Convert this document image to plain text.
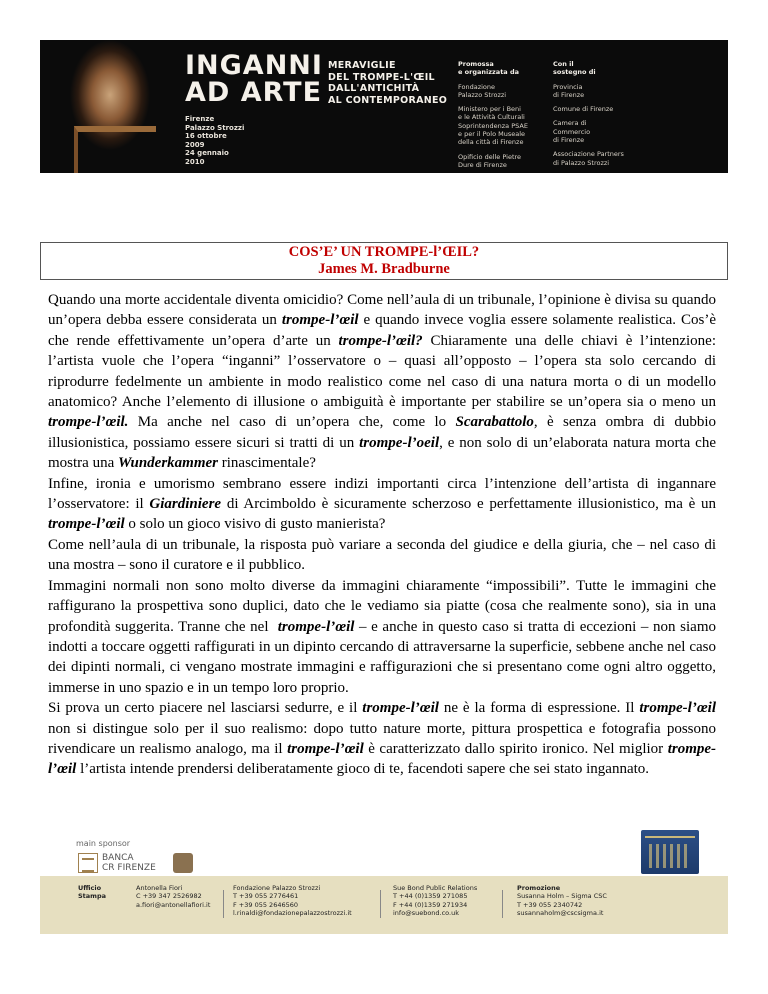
INGANNI
AD ARTE
Firenze
Palazzo Strozzi
16 ottobre
2009
24 gennaio
2010
MERAVIGLIE
DEL TROMPE-L'ŒIL
DALL'ANTICHITÀ
AL CONTEMPORANEO
Promossa
e organizzata da
Fondazione
Palazzo Strozzi
Ministero per i Beni
e le Attività Culturali
Soprintendenza PSAE
e per il Polo Museale
della città di Firenze
Opificio delle Pietre
Dure di Firenze
Con il
sostegno di
Provincia
di Firenze
Comune di Firenze
Camera di
Commercio
di Firenze
Associazione Partners
di Palazzo Strozzi
COS’E’ UN TROMPE-l’ŒIL?
James M. Bradburne

Quando una morte accidentale diventa omicidio? Come nell’aula di un tribunale, l’opinione è divisa su quando un’opera debba essere considerata un trompe-l’œil e quando invece voglia essere solamente realistica. Cos’è che rende effettivamente un’opera d’arte un trompe-l’œil? Chiaramente una delle chiavi è l’intenzione: l’artista vuole che l’opera “inganni” l’osservatore o – quasi all’opposto – l’opera sta solo cercando di riprodurre fedelmente un ambiente in modo realistico come nel caso di una natura morta o di un modello anatomico? Anche l’elemento di illusione o ambiguità è importante per stabilire se un’opera sia o meno un trompe-l’œil. Ma anche nel caso di un’opera che, come lo Scarabattolo, è senza ombra di dubbio illusionistica, possiamo essere sicuri si tratti di un trompe-l’oeil, e non solo di un’elaborata natura morta che mostra una Wunderkammer rinascimentale?

Infine, ironia e umorismo sembrano essere indizi importanti circa l’intenzione dell’artista di ingannare l’osservatore: il Giardiniere di Arcimboldo è sicuramente scherzoso e perfettamente illusionistico, ma è un trompe-l’œil o solo un gioco visivo di gusto manierista?

Come nell’aula di un tribunale, la risposta può variare a seconda del giudice e della giuria, che – nel caso di una mostra – sono il curatore e il pubblico.

Immagini normali non sono molto diverse da immagini chiaramente “impossibili”. Tutte le immagini che raffigurano la prospettiva sono duplici, dato che le vediamo sia piatte (cosa che realmente sono), sia in una profondità suggerita. Tranne che nel  trompe-l’œil – e anche in questo caso si tratta di eccezioni – non siamo indotti a toccare oggetti raffigurati in un dipinto cercando di attraversarne la superficie, sebbene anche nel caso dei dipinti normali, ci vengano mostrate immagini e raffigurazioni che si presentano come ogni altro oggetto, immerse in uno spazio e in un tempo loro proprio.

Si prova un certo piacere nel lasciarsi sedurre, e il trompe-l’œil ne è la forma di espressione. Il trompe-l’œil non si distingue solo per il suo realismo: dopo tutto nature morte, pittura prospettica e fotografia possono rivendicare un realismo analogo, ma il trompe-l’œil è caratterizzato dallo spirito ironico. Nel miglior trompe-l’œil l’artista intende prendersi deliberatamente gioco di te, facendoti sapere che sei stato ingannato.

main sponsor
BANCA
CR FIRENZE
Ufficio
Stampa
Antonella Fiori
C +39 347 2526982
a.fiori@antonellafiori.it
Fondazione Palazzo Strozzi
T +39 055 2776461
F +39 055 2646560
l.rinaldi@fondazionepalazzostrozzi.it
Sue Bond Public Relations
T +44 (0)1359 271085
F +44 (0)1359 271934
info@suebond.co.uk
Promozione
Susanna Holm – Sigma CSC
T +39 055 2340742
susannaholm@cscsigma.it
